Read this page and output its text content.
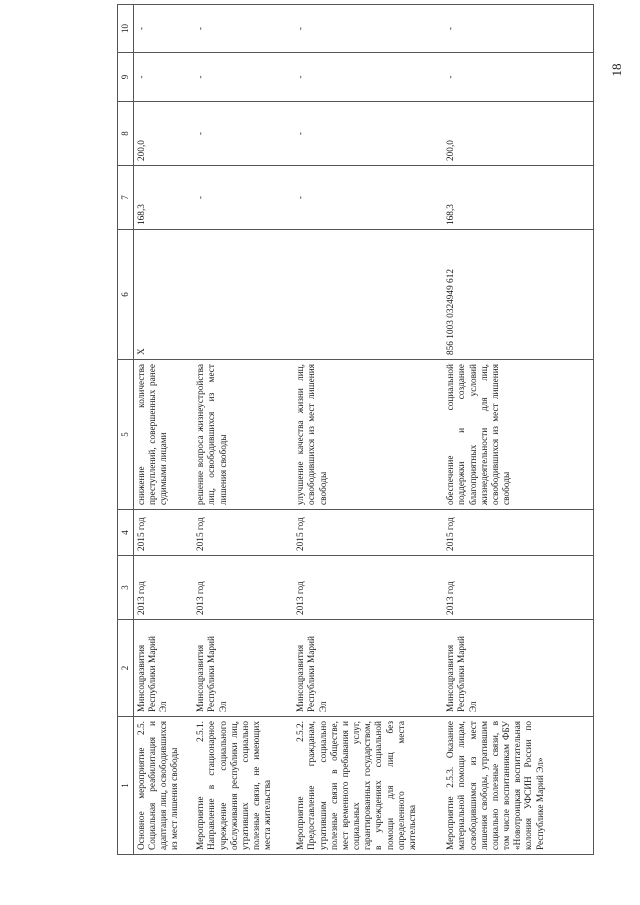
18
1	2	3	4	5	6	7	8	9	10
Основное мероприятие 2.5. Социальная реабилитация и адаптация лиц, освободившихся из мест лишения свободы	Минсоцразвития Республики Марий Эл	2013 год	2015 год	снижение количества преступлений, совершенных ранее судимыми лицами	Х	168,3	200,0	-	-
Мероприятие 2.5.1. Направление в стационарное учреждение социального обслуживания республики лиц, утративших социально полезные связи, не имеющих места жительства	Минсоцразвития Республики Марий Эл	2013 год	2015 год	решение вопроса жизнеустройства лиц, освободившихся из мест лишения свободы		-	-	-	-
Мероприятие 2.5.2. Предоставление гражданам, утратившим социально полезные связи в обществе, мест временного пребывания и социальных услуг, гарантированных государством, в учреждениях социальной помощи для лиц без определенного места жительства	Минсоцразвития Республики Марий Эл	2013 год	2015 год	улучшение качества жизни лиц, освободившихся из мест лишения свободы		-	-	-	-
Мероприятие 2.5.3. Оказание материальной помощи лицам, освободившимся из мест лишения свободы, утратившим социально полезные связи, в том числе воспитанникам ФБУ «Новотроицкая воспитательная колония УФСИН России по Республике Марий Эл»	Минсоцразвития Республики Марий Эл	2013 год	2015 год	обеспечение социальной поддержки и создание благоприятных условий жизнедеятельности для лиц, освободившихся из мест лишения свободы	856 1003 0324949 612	168,3	200,0	-	-
